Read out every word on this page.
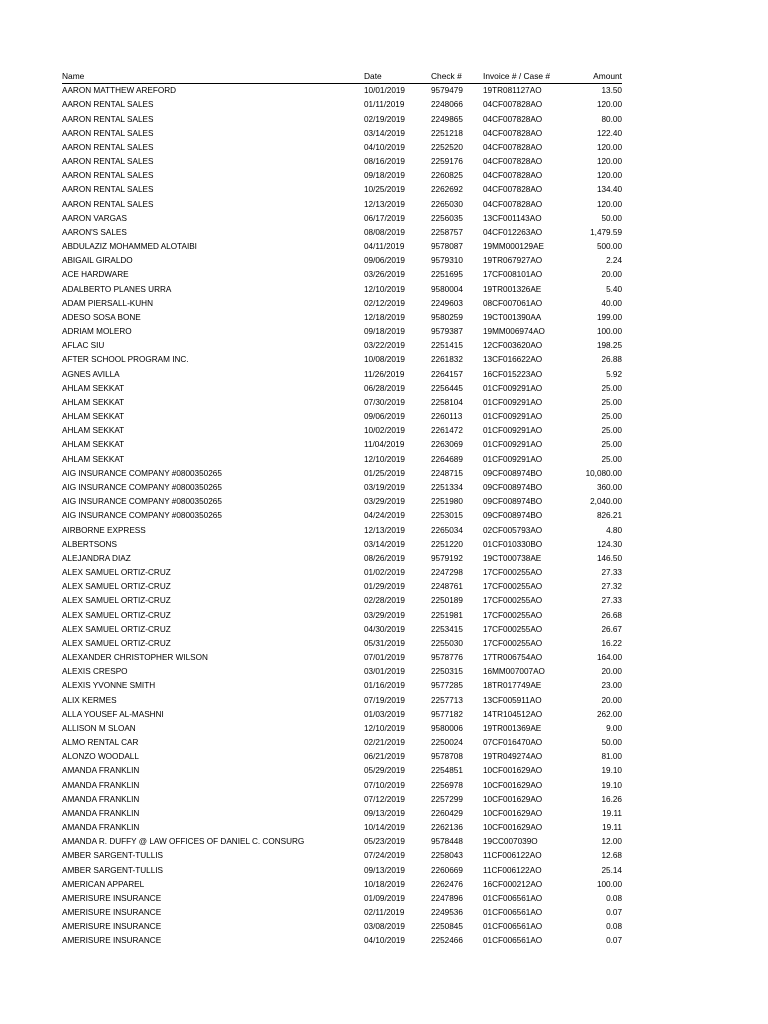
Name	Date	Check #	Invoice # / Case #	Amount
AARON MATTHEW AREFORD	10/01/2019	9579479	19TR081127AO	13.50
AARON RENTAL SALES	01/11/2019	2248066	04CF007828AO	120.00
AARON RENTAL SALES	02/19/2019	2249865	04CF007828AO	80.00
AARON RENTAL SALES	03/14/2019	2251218	04CF007828AO	122.40
AARON RENTAL SALES	04/10/2019	2252520	04CF007828AO	120.00
AARON RENTAL SALES	08/16/2019	2259176	04CF007828AO	120.00
AARON RENTAL SALES	09/18/2019	2260825	04CF007828AO	120.00
AARON RENTAL SALES	10/25/2019	2262692	04CF007828AO	134.40
AARON RENTAL SALES	12/13/2019	2265030	04CF007828AO	120.00
AARON VARGAS	06/17/2019	2256035	13CF001143AO	50.00
AARON'S SALES	08/08/2019	2258757	04CF012263AO	1,479.59
ABDULAZIZ MOHAMMED ALOTAIBI	04/11/2019	9578087	19MM000129AE	500.00
ABIGAIL GIRALDO	09/06/2019	9579310	19TR067927AO	2.24
ACE HARDWARE	03/26/2019	2251695	17CF008101AO	20.00
ADALBERTO PLANES URRA	12/10/2019	9580004	19TR001326AE	5.40
ADAM PIERSALL-KUHN	02/12/2019	2249603	08CF007061AO	40.00
ADESO SOSA BONE	12/18/2019	9580259	19CT001390AA	199.00
ADRIAM MOLERO	09/18/2019	9579387	19MM006974AO	100.00
AFLAC SIU	03/22/2019	2251415	12CF003620AO	198.25
AFTER SCHOOL PROGRAM INC.	10/08/2019	2261832	13CF016622AO	26.88
AGNES AVILLA	11/26/2019	2264157	16CF015223AO	5.92
AHLAM SEKKAT	06/28/2019	2256445	01CF009291AO	25.00
AHLAM SEKKAT	07/30/2019	2258104	01CF009291AO	25.00
AHLAM SEKKAT	09/06/2019	2260113	01CF009291AO	25.00
AHLAM SEKKAT	10/02/2019	2261472	01CF009291AO	25.00
AHLAM SEKKAT	11/04/2019	2263069	01CF009291AO	25.00
AHLAM SEKKAT	12/10/2019	2264689	01CF009291AO	25.00
AIG INSURANCE COMPANY #0800350265	01/25/2019	2248715	09CF008974BO	10,080.00
AIG INSURANCE COMPANY #0800350265	03/19/2019	2251334	09CF008974BO	360.00
AIG INSURANCE COMPANY #0800350265	03/29/2019	2251980	09CF008974BO	2,040.00
AIG INSURANCE COMPANY #0800350265	04/24/2019	2253015	09CF008974BO	826.21
AIRBORNE EXPRESS	12/13/2019	2265034	02CF005793AO	4.80
ALBERTSONS	03/14/2019	2251220	01CF010330BO	124.30
ALEJANDRA DIAZ	08/26/2019	9579192	19CT000738AE	146.50
ALEX SAMUEL ORTIZ-CRUZ	01/02/2019	2247298	17CF000255AO	27.33
ALEX SAMUEL ORTIZ-CRUZ	01/29/2019	2248761	17CF000255AO	27.32
ALEX SAMUEL ORTIZ-CRUZ	02/28/2019	2250189	17CF000255AO	27.33
ALEX SAMUEL ORTIZ-CRUZ	03/29/2019	2251981	17CF000255AO	26.68
ALEX SAMUEL ORTIZ-CRUZ	04/30/2019	2253415	17CF000255AO	26.67
ALEX SAMUEL ORTIZ-CRUZ	05/31/2019	2255030	17CF000255AO	16.22
ALEXANDER CHRISTOPHER WILSON	07/01/2019	9578776	17TR006754AO	164.00
ALEXIS CRESPO	03/01/2019	2250315	16MM007007AO	20.00
ALEXIS YVONNE SMITH	01/16/2019	9577285	18TR017749AE	23.00
ALIX KERMES	07/19/2019	2257713	13CF005911AO	20.00
ALLA YOUSEF AL-MASHNI	01/03/2019	9577182	14TR104512AO	262.00
ALLISON M SLOAN	12/10/2019	9580006	19TR001369AE	9.00
ALMO RENTAL CAR	02/21/2019	2250024	07CF016470AO	50.00
ALONZO WOODALL	06/21/2019	9578708	19TR049274AO	81.00
AMANDA FRANKLIN	05/29/2019	2254851	10CF001629AO	19.10
AMANDA FRANKLIN	07/10/2019	2256978	10CF001629AO	19.10
AMANDA FRANKLIN	07/12/2019	2257299	10CF001629AO	16.26
AMANDA FRANKLIN	09/13/2019	2260429	10CF001629AO	19.11
AMANDA FRANKLIN	10/14/2019	2262136	10CF001629AO	19.11
AMANDA R. DUFFY @ LAW OFFICES OF DANIEL C. CONSURG	05/23/2019	9578448	19CC007039O	12.00
AMBER SARGENT-TULLIS	07/24/2019	2258043	11CF006122AO	12.68
AMBER SARGENT-TULLIS	09/13/2019	2260669	11CF006122AO	25.14
AMERICAN APPAREL	10/18/2019	2262476	16CF000212AO	100.00
AMERISURE INSURANCE	01/09/2019	2247896	01CF006561AO	0.08
AMERISURE INSURANCE	02/11/2019	2249536	01CF006561AO	0.07
AMERISURE INSURANCE	03/08/2019	2250845	01CF006561AO	0.08
AMERISURE INSURANCE	04/10/2019	2252466	01CF006561AO	0.07
